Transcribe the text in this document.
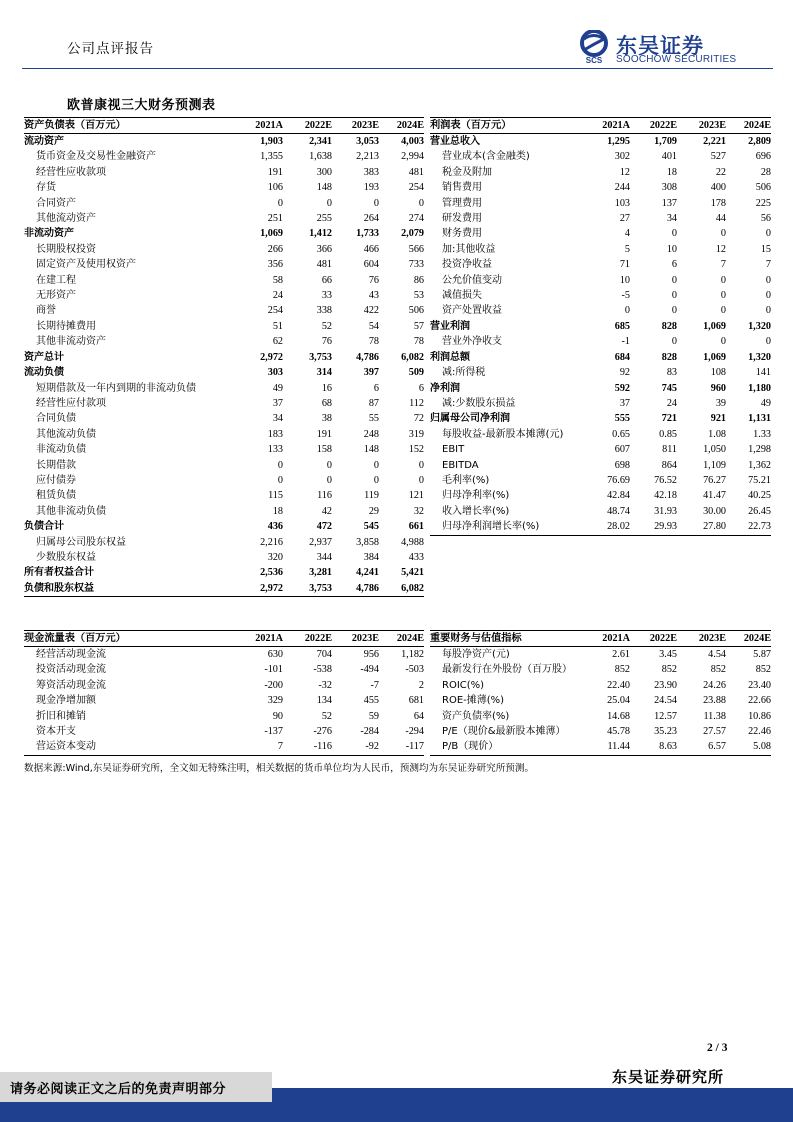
公司点评报告
SCS
东吴证券
SOOCHOW SECURITIES
欧普康视三大财务预测表
资产负债表（百万元）	2021A	2022E	2023E	2024E
流动资产	1,903	2,341	3,053	4,003
货币资金及交易性金融资产	1,355	1,638	2,213	2,994
经营性应收款项	191	300	383	481
存货	106	148	193	254
合同资产	0	0	0	0
其他流动资产	251	255	264	274
非流动资产	1,069	1,412	1,733	2,079
长期股权投资	266	366	466	566
固定资产及使用权资产	356	481	604	733
在建工程	58	66	76	86
无形资产	24	33	43	53
商誉	254	338	422	506
长期待摊费用	51	52	54	57
其他非流动资产	62	76	78	78
资产总计	2,972	3,753	4,786	6,082
流动负债	303	314	397	509
短期借款及一年内到期的非流动负债	49	16	6	6
经营性应付款项	37	68	87	112
合同负债	34	38	55	72
其他流动负债	183	191	248	319
非流动负债	133	158	148	152
长期借款	0	0	0	0
应付债券	0	0	0	0
租赁负债	115	116	119	121
其他非流动负债	18	42	29	32
负债合计	436	472	545	661
归属母公司股东权益	2,216	2,937	3,858	4,988
少数股东权益	320	344	384	433
所有者权益合计	2,536	3,281	4,241	5,421
负债和股东权益	2,972	3,753	4,786	6,082
利润表（百万元）	2021A	2022E	2023E	2024E
营业总收入	1,295	1,709	2,221	2,809
营业成本(含金融类)	302	401	527	696
税金及附加	12	18	22	28
销售费用	244	308	400	506
管理费用	103	137	178	225
研发费用	27	34	44	56
财务费用	4	0	0	0
加:其他收益	5	10	12	15
投资净收益	71	6	7	7
公允价值变动	10	0	0	0
减值损失	-5	0	0	0
资产处置收益	0	0	0	0
营业利润	685	828	1,069	1,320
营业外净收支	-1	0	0	0
利润总额	684	828	1,069	1,320
减:所得税	92	83	108	141
净利润	592	745	960	1,180
减:少数股东损益	37	24	39	49
归属母公司净利润	555	721	921	1,131

每股收益-最新股本摊薄(元)	0.65	0.85	1.08	1.33

EBIT	607	811	1,050	1,298
EBITDA	698	864	1,109	1,362

毛利率(%)	76.69	76.52	76.27	75.21
归母净利率(%)	42.84	42.18	41.47	40.25

收入增长率(%)	48.74	31.93	30.00	26.45
归母净利润增长率(%)	28.02	29.93	27.80	22.73
现金流量表（百万元）	2021A	2022E	2023E	2024E
经营活动现金流	630	704	956	1,182
投资活动现金流	-101	-538	-494	-503
筹资活动现金流	-200	-32	-7	2
现金净增加额	329	134	455	681
折旧和摊销	90	52	59	64
资本开支	-137	-276	-284	-294
营运资本变动	7	-116	-92	-117
重要财务与估值指标	2021A	2022E	2023E	2024E
每股净资产(元)	2.61	3.45	4.54	5.87
最新发行在外股份（百万股）	852	852	852	852
ROIC(%)	22.40	23.90	24.26	23.40
ROE-摊薄(%)	25.04	24.54	23.88	22.66
资产负债率(%)	14.68	12.57	11.38	10.86
P/E（现价&最新股本摊薄）	45.78	35.23	27.57	22.46
P/B（现价）	11.44	8.63	6.57	5.08
数据来源:Wind,东吴证券研究所，全文如无特殊注明，相关数据的货币单位均为人民币，预测均为东吴证券研究所预测。
2 / 3
东吴证券研究所
请务必阅读正文之后的免责声明部分
